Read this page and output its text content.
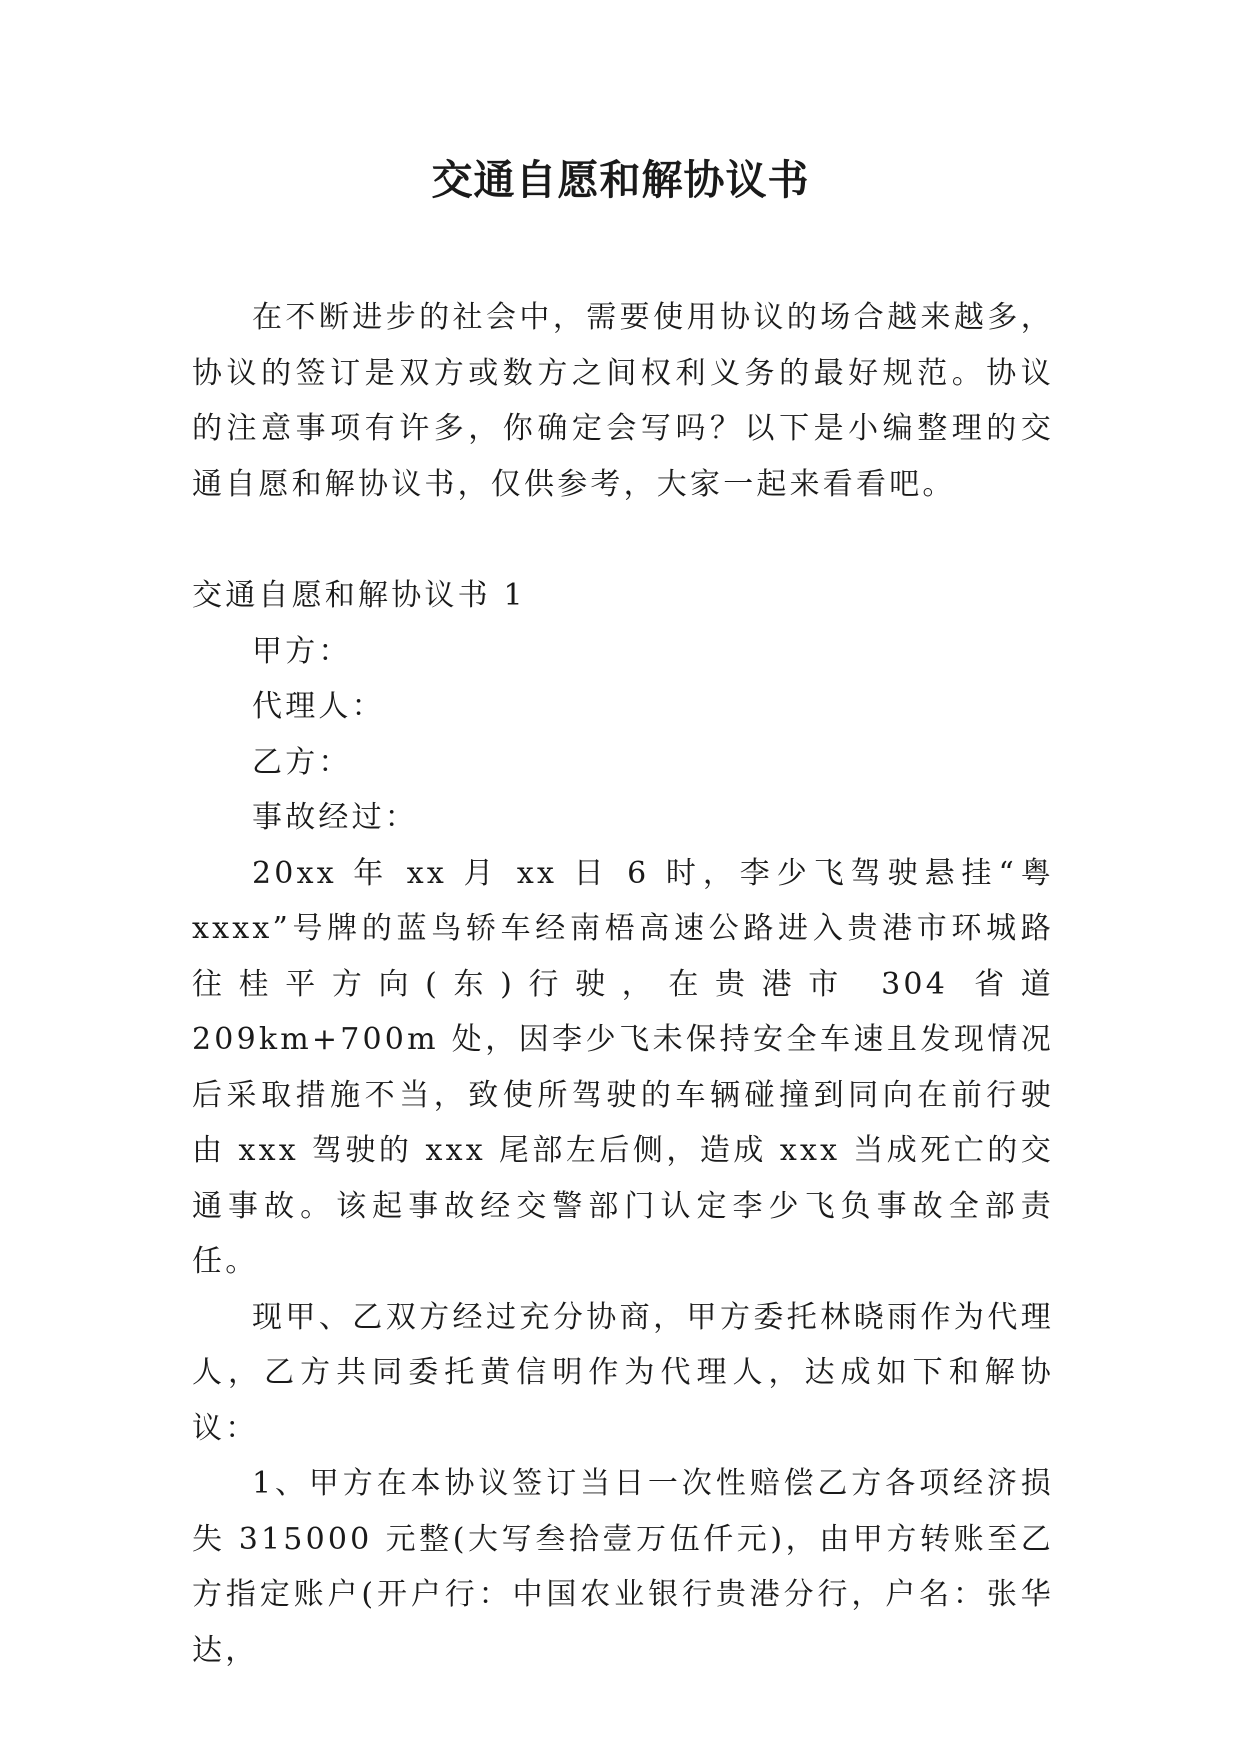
交通自愿和解协议书

在不断进步的社会中，需要使用协议的场合越来越多，协议的签订是双方或数方之间权利义务的最好规范。协议的注意事项有许多，你确定会写吗？以下是小编整理的交通自愿和解协议书，仅供参考，大家一起来看看吧。

交通自愿和解协议书 1

甲方：

代理人：

乙方：

事故经过：

20xx 年 xx 月 xx 日 6 时，李少飞驾驶悬挂“粤 xxxx”号牌的蓝鸟轿车经南梧高速公路进入贵港市环城路往桂平方向(东)行驶，在贵港市 304 省道 209km+700m 处，因李少飞未保持安全车速且发现情况后采取措施不当，致使所驾驶的车辆碰撞到同向在前行驶由 xxx 驾驶的 xxx 尾部左后侧，造成 xxx 当成死亡的交通事故。该起事故经交警部门认定李少飞负事故全部责任。

现甲、乙双方经过充分协商，甲方委托林晓雨作为代理人，乙方共同委托黄信明作为代理人，达成如下和解协议：

1、甲方在本协议签订当日一次性赔偿乙方各项经济损失 315000 元整(大写叁拾壹万伍仟元)，由甲方转账至乙方指定账户(开户行：中国农业银行贵港分行，户名：张华达，
